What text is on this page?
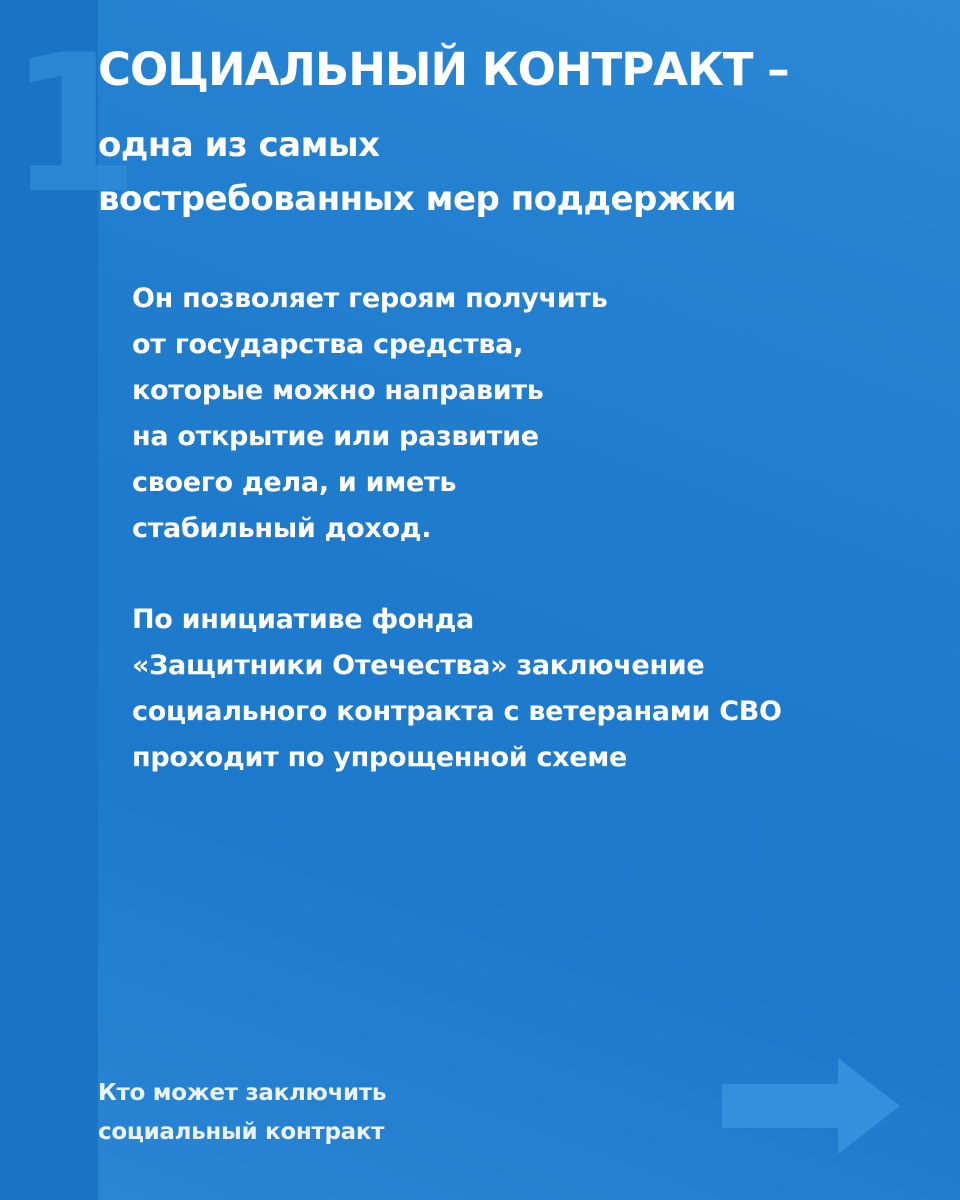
1
СОЦИАЛЬНЫЙ КОНТРАКТ –
одна из самых
востребованных мер поддержки
Он позволяет героям получить
от государства средства,
которые можно направить
на открытие или развитие
своего дела, и иметь
стабильный доход.
По инициативе фонда
«Защитники Отечества» заключение
социального контракта с ветеранами СВО
проходит по упрощенной схеме
Кто может заключить
социальный контракт
